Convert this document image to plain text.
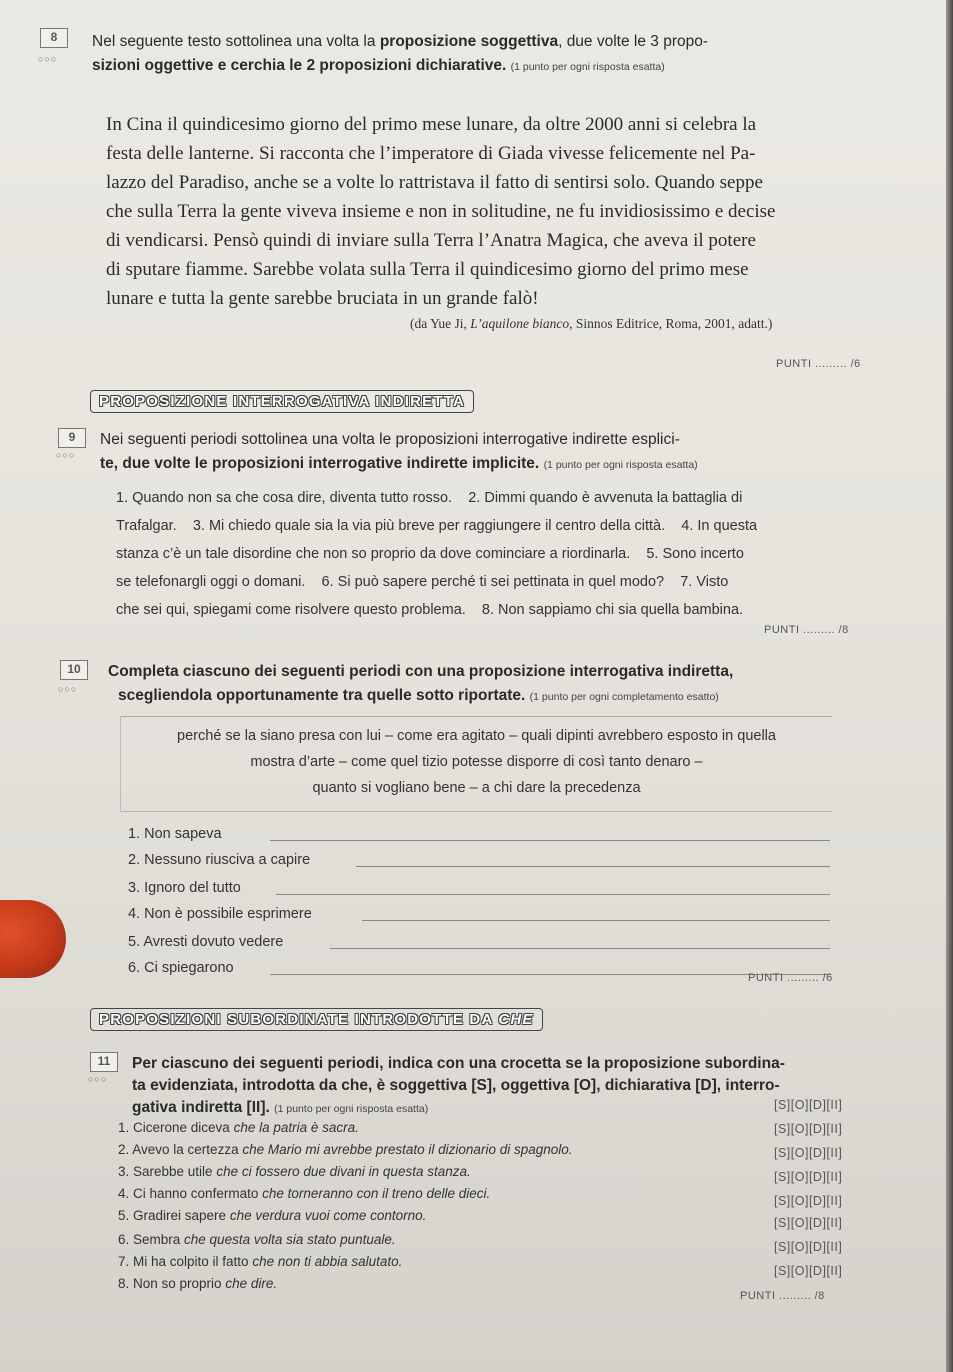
8
○○○
Nel seguente testo sottolinea una volta la proposizione soggettiva, due volte le 3 propo-
sizioni oggettive e cerchia le 2 proposizioni dichiarative. (1 punto per ogni risposta esatta)
In Cina il quindicesimo giorno del primo mese lunare, da oltre 2000 anni si celebra la
festa delle lanterne. Si racconta che l’imperatore di Giada vivesse felicemente nel Pa-
lazzo del Paradiso, anche se a volte lo rattristava il fatto di sentirsi solo. Quando seppe
che sulla Terra la gente viveva insieme e non in solitudine, ne fu invidiosissimo e decise
di vendicarsi. Pensò quindi di inviare sulla Terra l’Anatra Magica, che aveva il potere
di sputare fiamme. Sarebbe volata sulla Terra il quindicesimo giorno del primo mese
lunare e tutta la gente sarebbe bruciata in un grande falò!
(da Yue Ji, L’aquilone bianco, Sinnos Editrice, Roma, 2001, adatt.)
PUNTI ......... /6
PROPOSIZIONE INTERROGATIVA INDIRETTA
9
○○○
Nei seguenti periodi sottolinea una volta le proposizioni interrogative indirette esplici-
te, due volte le proposizioni interrogative indirette implicite. (1 punto per ogni risposta esatta)
1. Quando non sa che cosa dire, diventa tutto rosso.    2. Dimmi quando è avvenuta la battaglia di
Trafalgar.    3. Mi chiedo quale sia la via più breve per raggiungere il centro della città.    4. In questa
stanza c’è un tale disordine che non so proprio da dove cominciare a riordinarla.    5. Sono incerto
se telefonargli oggi o domani.    6. Si può sapere perché ti sei pettinata in quel modo?    7. Visto
che sei qui, spiegami come risolvere questo problema.    8. Non sappiamo chi sia quella bambina.
PUNTI ......... /8
10
○○○
Completa ciascuno dei seguenti periodi con una proposizione interrogativa indiretta,
scegliendola opportunamente tra quelle sotto riportate. (1 punto per ogni completamento esatto)
perché se la siano presa con lui – come era agitato – quali dipinti avrebbero esposto in quella
mostra d’arte – come quel tizio potesse disporre di così tanto denaro –
quanto si vogliano bene – a chi dare la precedenza
1. Non sapeva
2. Nessuno riusciva a capire
3. Ignoro del tutto
4. Non è possibile esprimere
5. Avresti dovuto vedere
6. Ci spiegarono
PUNTI ......... /6
PROPOSIZIONI SUBORDINATE INTRODOTTE DA CHE
11
○○○
Per ciascuno dei seguenti periodi, indica con una crocetta se la proposizione subordina-
ta evidenziata, introdotta da che, è soggettiva [S], oggettiva [O], dichiarativa [D], interro-
gativa indiretta [II]. (1 punto per ogni risposta esatta)
1. Cicerone diceva che la patria è sacra.
[S][O][D][II]
2. Avevo la certezza che Mario mi avrebbe prestato il dizionario di spagnolo.
[S][O][D][II]
3. Sarebbe utile che ci fossero due divani in questa stanza.
[S][O][D][II]
4. Ci hanno confermato che torneranno con il treno delle dieci.
[S][O][D][II]
5. Gradirei sapere che verdura vuoi come contorno.
[S][O][D][II]
6. Sembra che questa volta sia stato puntuale.
[S][O][D][II]
7. Mi ha colpito il fatto che non ti abbia salutato.
[S][O][D][II]
8. Non so proprio che dire.
[S][O][D][II]
PUNTI ......... /8
